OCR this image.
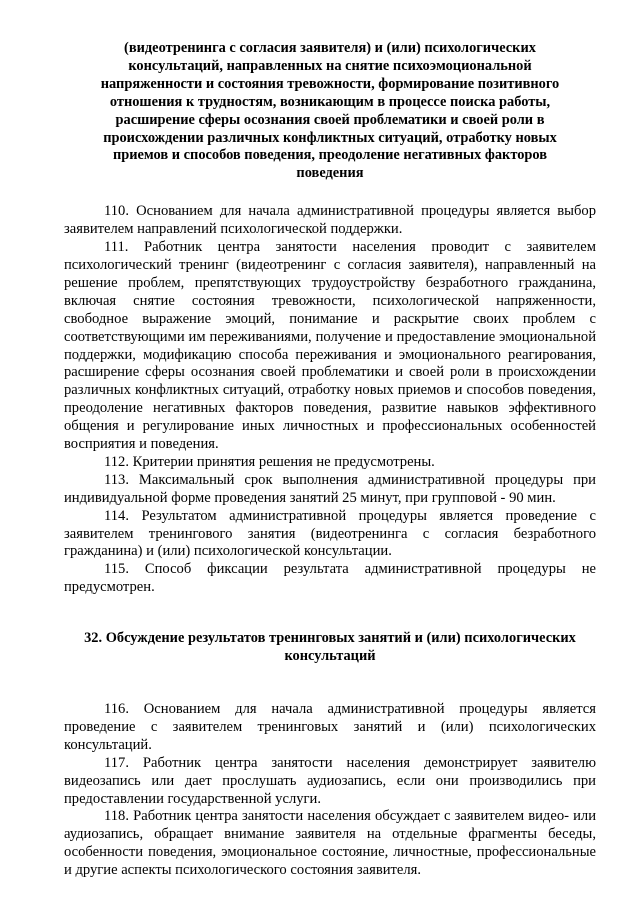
(видеотренинга с согласия заявителя) и (или) психологических консультаций, направленных на снятие психоэмоциональной напряженности и состояния тревожности, формирование позитивного отношения к трудностям, возникающим в процессе поиска работы, расширение сферы осознания своей проблематики и своей роли в происхождении различных конфликтных ситуаций, отработку новых приемов и способов поведения, преодоление негативных факторов поведения

110. Основанием для начала административной процедуры является выбор заявителем направлений психологической поддержки.

111. Работник центра занятости населения проводит с заявителем психологический тренинг (видеотренинг с согласия заявителя), направленный на решение проблем, препятствующих трудоустройству безработного гражданина, включая снятие состояния тревожности, психологической напряженности, свободное выражение эмоций, понимание и раскрытие своих проблем с соответствующими им переживаниями, получение и предоставление эмоциональной поддержки, модификацию способа переживания и эмоционального реагирования, расширение сферы осознания своей проблематики и своей роли в происхождении различных конфликтных ситуаций, отработку новых приемов и способов поведения, преодоление негативных факторов поведения, развитие навыков эффективного общения и регулирование иных личностных и профессиональных особенностей восприятия и поведения.

112. Критерии принятия решения не предусмотрены.

113. Максимальный срок выполнения административной процедуры при индивидуальной форме проведения занятий 25 минут, при групповой - 90 мин.

114. Результатом административной процедуры является проведение с заявителем тренингового занятия (видеотренинга с согласия безработного гражданина) и (или) психологической консультации.

115. Способ фиксации результата административной процедуры не предусмотрен.

32. Обсуждение результатов тренинговых занятий и (или) психологических консультаций

116. Основанием для начала административной процедуры является проведение с заявителем тренинговых занятий и (или) психологических консультаций.

117. Работник центра занятости населения демонстрирует заявителю видеозапись или дает прослушать аудиозапись, если они производились при предоставлении государственной услуги.

118. Работник центра занятости населения обсуждает с заявителем видео- или аудиозапись, обращает внимание заявителя на отдельные фрагменты беседы, особенности поведения, эмоциональное состояние, личностные, профессиональные и другие аспекты психологического состояния заявителя.
